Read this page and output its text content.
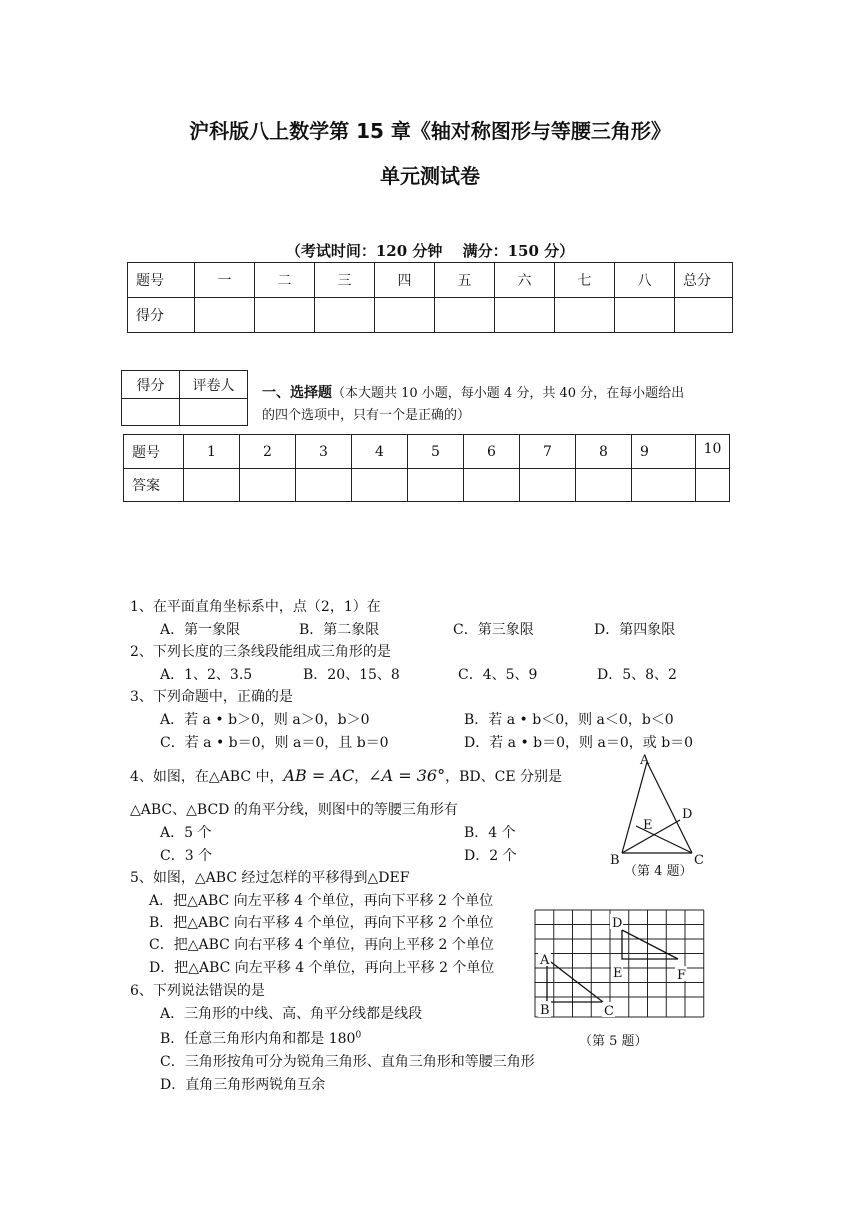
沪科版八上数学第 15 章《轴对称图形与等腰三角形》
单元测试卷
（考试时间：120 分钟　 满分：150 分）
题号	一	二	三	四	五	六	七	八	总分
得分									
得分	评卷人
	一、选择题（本大题共 10 小题，每小题 4 分，共 40 分，在每小题给出
的四个选项中，只有一个是正确的）
题号	1	2	3	4	5	6	7	8	9	10
答案										
1、在平面直角坐标系中，点（2，1）在
A．第一象限	B．第二象限	C．第三象限	D．第四象限
2、下列长度的三条线段能组成三角形的是
A．1、2、3.5	B．20、15、8	C．4、5、9	D．5、8、2
3、下列命题中，正确的是
A．若 a • b＞0，则 a＞0，b＞0	B．若 a • b＜0，则 a＜0，b＜0
C．若 a • b＝0，则 a＝0，且 b＝0	D．若 a • b＝0，则 a＝0，或 b＝0
4、如图，在△ABC 中，AB = AC，∠A = 36°，BD、CE 分别是
△ABC、△BCD 的角平分线，则图中的等腰三角形有
A．5 个	B．4 个
C．3 个	D．2 个
A
B	C
D
E
（第 4 题）
5、如图，△ABC 经过怎样的平移得到△DEF
A．把△ABC 向左平移 4 个单位，再向下平移 2 个单位
B．把△ABC 向右平移 4 个单位，再向下平移 2 个单位
C．把△ABC 向右平移 4 个单位，再向上平移 2 个单位
D．把△ABC 向左平移 4 个单位，再向上平移 2 个单位	A
B	C
D
E	F
（第 5 题）
6、下列说法错误的是
A．三角形的中线、高、角平分线都是线段
B．任意三角形内角和都是 $180^0$
C．三角形按角可分为锐角三角形、直角三角形和等腰三角形
D．直角三角形两锐角互余
